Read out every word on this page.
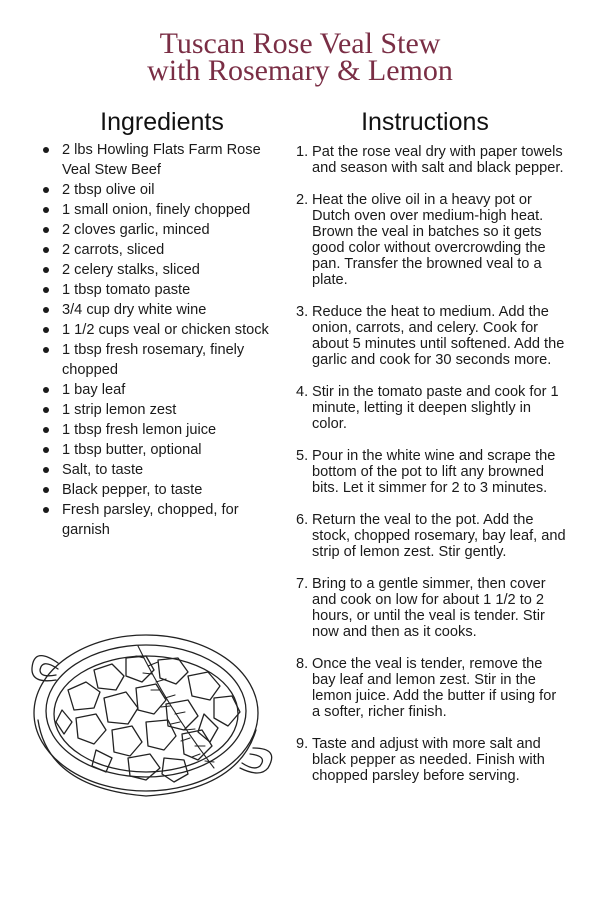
Tuscan Rose Veal Stew
with Rosemary & Lemon
Ingredients	Instructions
2 lbs Howling Flats Farm Rose Veal Stew Beef
2 tbsp olive oil
1 small onion, finely chopped
2 cloves garlic, minced
2 carrots, sliced
2 celery stalks, sliced
1 tbsp tomato paste
3/4 cup dry white wine
1 1/2 cups veal or chicken stock
1 tbsp fresh rosemary, finely chopped
1 bay leaf
1 strip lemon zest
1 tbsp fresh lemon juice
1 tbsp butter, optional
Salt, to taste
Black pepper, to taste
Fresh parsley, chopped, for garnish
1. Pat the rose veal dry with paper towels and season with salt and black pepper.
2. Heat the olive oil in a heavy pot or Dutch oven over medium-high heat. Brown the veal in batches so it gets good color without overcrowding the pan. Transfer the browned veal to a plate.
3. Reduce the heat to medium. Add the onion, carrots, and celery. Cook for about 5 minutes until softened. Add the garlic and cook for 30 seconds more.
4. Stir in the tomato paste and cook for 1 minute, letting it deepen slightly in color.
5. Pour in the white wine and scrape the bottom of the pot to lift any browned bits. Let it simmer for 2 to 3 minutes.
6. Return the veal to the pot. Add the stock, chopped rosemary, bay leaf, and strip of lemon zest. Stir gently.
7. Bring to a gentle simmer, then cover and cook on low for about 1 1/2 to 2 hours, or until the veal is tender. Stir now and then as it cooks.
8. Once the veal is tender, remove the bay leaf and lemon zest. Stir in the lemon juice. Add the butter if using for a softer, richer finish.
9. Taste and adjust with more salt and black pepper as needed. Finish with chopped parsley before serving.
